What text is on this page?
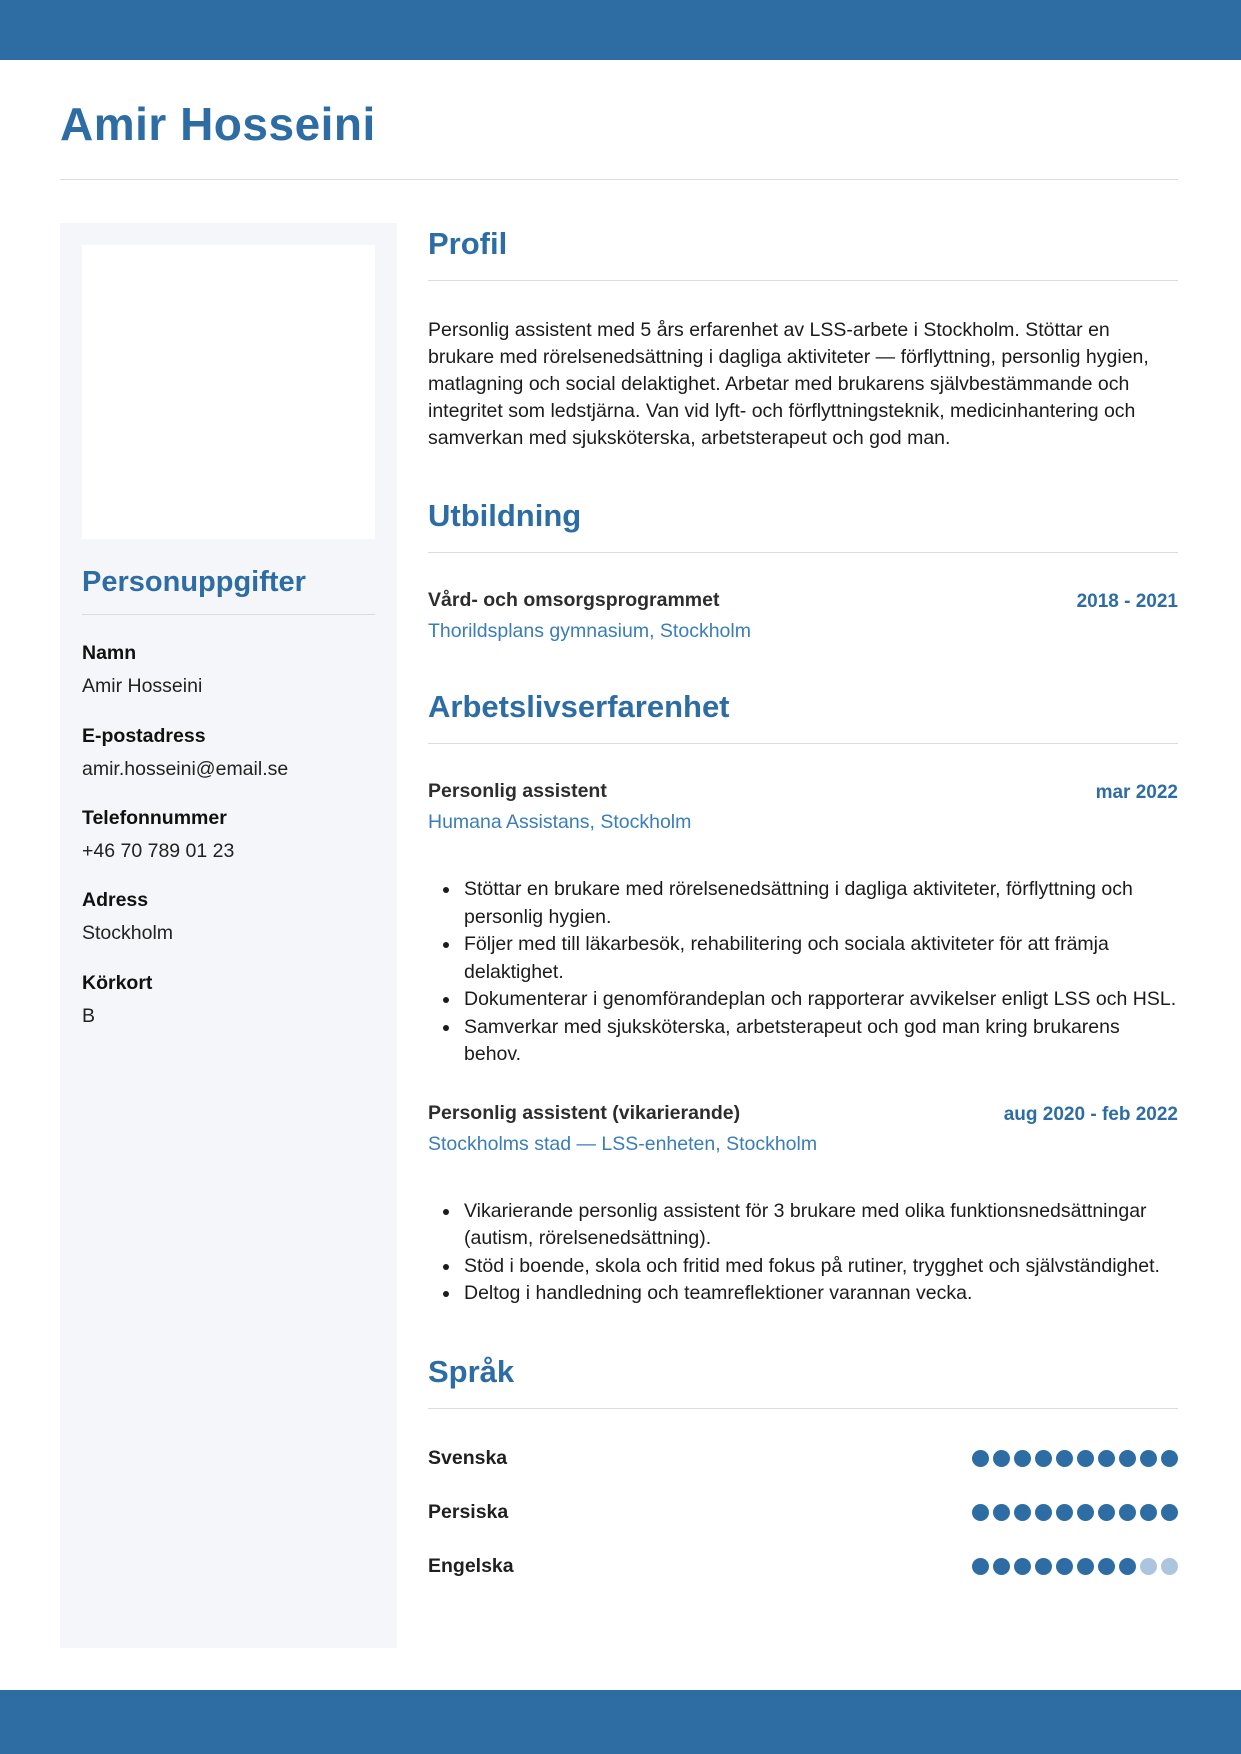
Amir Hosseini
Personuppgifter
Namn
Amir Hosseini
E-postadress
amir.hosseini@email.se
Telefonnummer
+46 70 789 01 23
Adress
Stockholm
Körkort
B
Profil

Personlig assistent med 5 års erfarenhet av LSS-arbete i Stockholm. Stöttar en brukare med rörelsenedsättning i dagliga aktiviteter — förflyttning, personlig hygien, matlagning och social delaktighet. Arbetar med brukarens självbestämmande och integritet som ledstjärna. Van vid lyft- och förflyttningsteknik, medicinhantering och samverkan med sjuksköterska, arbetsterapeut och god man.

Utbildning
Vård- och omsorgsprogrammet
Thorildsplans gymnasium, Stockholm
2018 - 2021
Arbetslivserfarenhet
Personlig assistent
Humana Assistans, Stockholm
mar 2022
• Stöttar en brukare med rörelsenedsättning i dagliga aktiviteter, förflyttning och personlig hygien.
• Följer med till läkarbesök, rehabilitering och sociala aktiviteter för att främja delaktighet.
• Dokumenterar i genomförandeplan och rapporterar avvikelser enligt LSS och HSL.
• Samverkar med sjuksköterska, arbetsterapeut och god man kring brukarens behov.
Personlig assistent (vikarierande)
Stockholms stad — LSS-enheten, Stockholm
aug 2020 - feb 2022
• Vikarierande personlig assistent för 3 brukare med olika funktionsnedsättningar (autism, rörelsenedsättning).
• Stöd i boende, skola och fritid med fokus på rutiner, trygghet och självständighet.
• Deltog i handledning och teamreflektioner varannan vecka.
Språk
Svenska
Persiska
Engelska
